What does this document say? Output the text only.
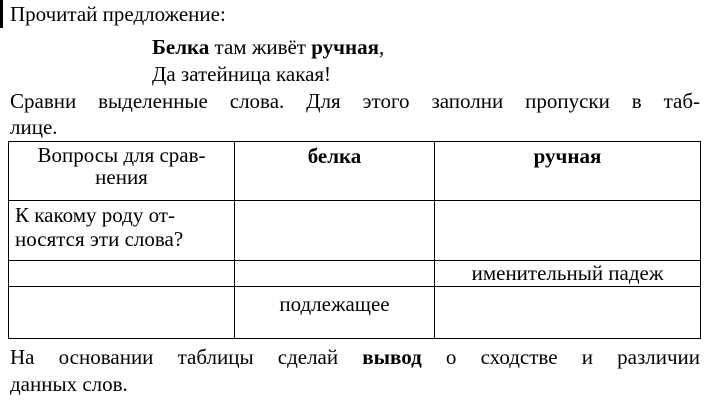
Прочитай предложение:
Белка там живёт ручная,
Да затейница какая!
Сравни выделенные слова. Для этого заполни пропуски в таб-
лице.
Вопросы для срав-
нения	белка	ручная
К какому роду от-
носятся эти слова?		
		именительный падеж
	подлежащее	
На основании таблицы сделай вывод о сходстве и различии
данных слов.
